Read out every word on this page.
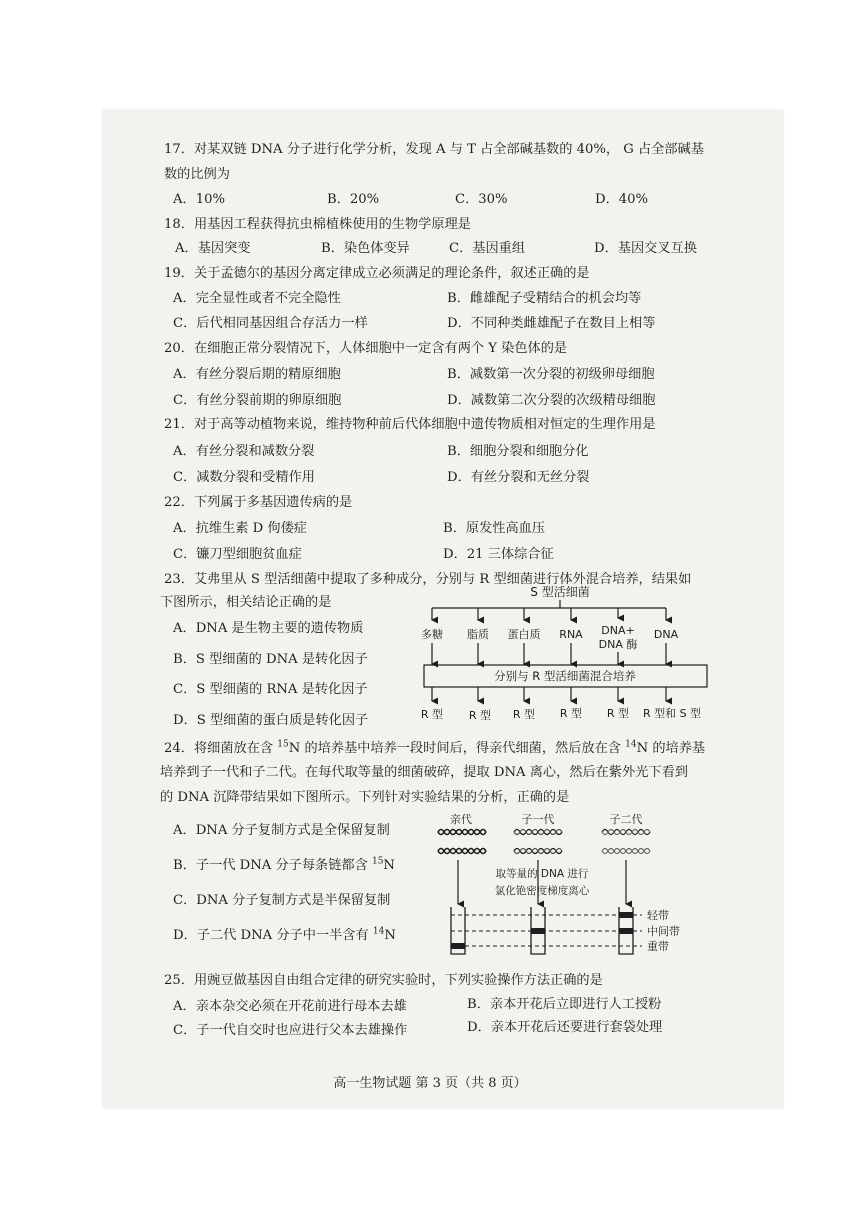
17．对某双链 DNA 分子进行化学分析，发现 A 与 T 占全部碱基数的 40%， G 占全部碱基
数的比例为
A．10%	B．20%	C．30%	D．40%
18．用基因工程获得抗虫棉植株使用的生物学原理是
A．基因突变	B．染色体变异	C．基因重组	D．基因交叉互换
19．关于孟德尔的基因分离定律成立必须满足的理论条件，叙述正确的是
A．完全显性或者不完全隐性	B．雌雄配子受精结合的机会均等
C．后代相同基因组合存活力一样	D．不同种类雌雄配子在数目上相等
20．在细胞正常分裂情况下，人体细胞中一定含有两个 Y 染色体的是
A．有丝分裂后期的精原细胞	B．减数第一次分裂的初级卵母细胞
C．有丝分裂前期的卵原细胞	D．减数第二次分裂的次级精母细胞
21．对于高等动植物来说，维持物种前后代体细胞中遗传物质相对恒定的生理作用是
A．有丝分裂和减数分裂	B．细胞分裂和细胞分化
C．减数分裂和受精作用	D．有丝分裂和无丝分裂
22．下列属于多基因遗传病的是
A．抗维生素 D 佝偻症	B．原发性高血压
C．镰刀型细胞贫血症	D．21 三体综合征
23．艾弗里从 S 型活细菌中提取了多种成分，分别与 R 型细菌进行体外混合培养，结果如
下图所示，相关结论正确的是
A．DNA 是生物主要的遗传物质
B．S 型细菌的 DNA 是转化因子
C．S 型细菌的 RNA 是转化因子
D．S 型细菌的蛋白质是转化因子
S 型活细菌
多糖 脂质 蛋白质 RNA DNA+
DNA 酶
DNA
分别与 R 型活细菌混合培养
R 型 R 型 R 型 R 型 R 型 R 型和 S 型
24．将细菌放在含 $^{15}$N 的培养基中培养一段时间后，得亲代细菌，然后放在含 $^{14}$N 的培养基
培养到子一代和子二代。在每代取等量的细菌破碎，提取 DNA 离心，然后在紫外光下看到
的 DNA 沉降带结果如下图所示。下列针对实验结果的分析，正确的是
A．DNA 分子复制方式是全保留复制
B．子一代 DNA 分子每条链都含 $^{15}$N
C．DNA 分子复制方式是半保留复制
D．子二代 DNA 分子中一半含有 $^{14}$N
亲代	子一代	子二代
取等量的 DNA 进行
氯化铯密度梯度离心
轻带
中间带
重带
25．用豌豆做基因自由组合定律的研究实验时，下列实验操作方法正确的是
A．亲本杂交必须在开花前进行母本去雄	B．亲本开花后立即进行人工授粉
C．子一代自交时也应进行父本去雄操作	D．亲本开花后还要进行套袋处理
高一生物试题 第 3 页（共 8 页）
